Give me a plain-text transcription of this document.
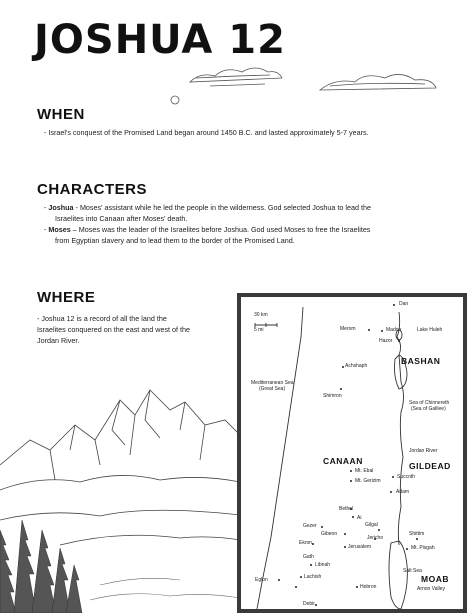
JOSHUA 12
WHEN

- Israel's conquest of the Promised Land began around 1450 B.C. and lasted approximately 5-7 years.

CHARACTERS

- Joshua - Moses' assistant while he led the people in the wilderness. God selected Joshua to lead the
Israelites into Canaan after Moses' death.

- Moses – Moses was the leader of the Israelites before Joshua. God used Moses to free the Israelites
from Egyptian slavery and to lead them to the border of the Promised Land.

WHERE
- Joshua 12 is a record of all the land the
Israelites conquered on the east and west of the
Jordan River.
30 km
5 mi
BASHAN
CANAAN	GILDEAD
MOAB
Dan
Merom	Madon	Lake Huleh
Hazor
Achshaph
Mediterranean Sea
(Great Sea)
Shimron
Sea of Chinnereth
(Sea of Galilee)
Jordan River
Mt. Ebal
Mt. Gerizim
Succoth
Adam
Bethel
Ai
Gezer
Gibeon
Gilgal
Jericho
Shittim
Mt. Pisgah
Ekron
Jerusalem
Gath
Libnah
Salt Sea
Eglon	Lachish
Hebron	Arnon Valley
Debir
